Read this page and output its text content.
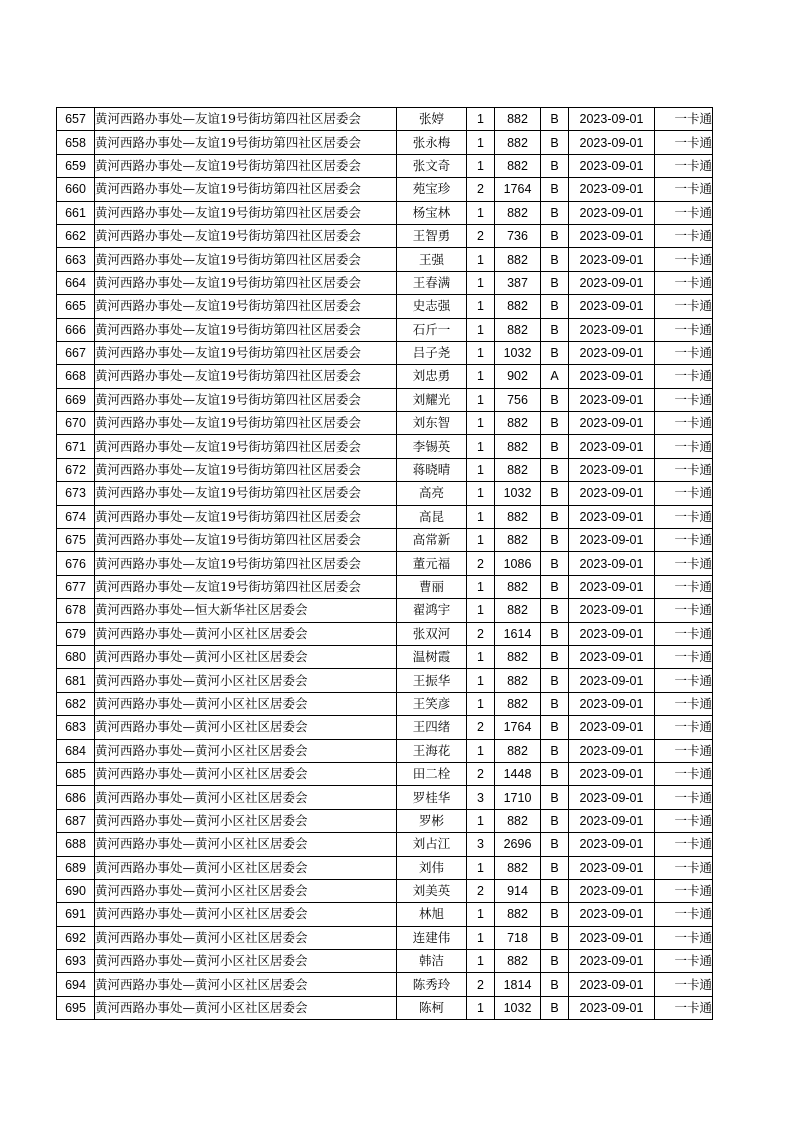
657	黄河西路办事处—友谊19号街坊第四社区居委会	张婷	1	882	B	2023-09-01	一卡通
658	黄河西路办事处—友谊19号街坊第四社区居委会	张永梅	1	882	B	2023-09-01	一卡通
659	黄河西路办事处—友谊19号街坊第四社区居委会	张文奇	1	882	B	2023-09-01	一卡通
660	黄河西路办事处—友谊19号街坊第四社区居委会	苑宝珍	2	1764	B	2023-09-01	一卡通
661	黄河西路办事处—友谊19号街坊第四社区居委会	杨宝林	1	882	B	2023-09-01	一卡通
662	黄河西路办事处—友谊19号街坊第四社区居委会	王智勇	2	736	B	2023-09-01	一卡通
663	黄河西路办事处—友谊19号街坊第四社区居委会	王强	1	882	B	2023-09-01	一卡通
664	黄河西路办事处—友谊19号街坊第四社区居委会	王春满	1	387	B	2023-09-01	一卡通
665	黄河西路办事处—友谊19号街坊第四社区居委会	史志强	1	882	B	2023-09-01	一卡通
666	黄河西路办事处—友谊19号街坊第四社区居委会	石斤一	1	882	B	2023-09-01	一卡通
667	黄河西路办事处—友谊19号街坊第四社区居委会	吕子尧	1	1032	B	2023-09-01	一卡通
668	黄河西路办事处—友谊19号街坊第四社区居委会	刘忠勇	1	902	A	2023-09-01	一卡通
669	黄河西路办事处—友谊19号街坊第四社区居委会	刘耀光	1	756	B	2023-09-01	一卡通
670	黄河西路办事处—友谊19号街坊第四社区居委会	刘东智	1	882	B	2023-09-01	一卡通
671	黄河西路办事处—友谊19号街坊第四社区居委会	李锡英	1	882	B	2023-09-01	一卡通
672	黄河西路办事处—友谊19号街坊第四社区居委会	蒋晓晴	1	882	B	2023-09-01	一卡通
673	黄河西路办事处—友谊19号街坊第四社区居委会	高亮	1	1032	B	2023-09-01	一卡通
674	黄河西路办事处—友谊19号街坊第四社区居委会	高昆	1	882	B	2023-09-01	一卡通
675	黄河西路办事处—友谊19号街坊第四社区居委会	高常新	1	882	B	2023-09-01	一卡通
676	黄河西路办事处—友谊19号街坊第四社区居委会	董元福	2	1086	B	2023-09-01	一卡通
677	黄河西路办事处—友谊19号街坊第四社区居委会	曹丽	1	882	B	2023-09-01	一卡通
678	黄河西路办事处—恒大新华社区居委会	翟鸿宇	1	882	B	2023-09-01	一卡通
679	黄河西路办事处—黄河小区社区居委会	张双河	2	1614	B	2023-09-01	一卡通
680	黄河西路办事处—黄河小区社区居委会	温树霞	1	882	B	2023-09-01	一卡通
681	黄河西路办事处—黄河小区社区居委会	王振华	1	882	B	2023-09-01	一卡通
682	黄河西路办事处—黄河小区社区居委会	王笑彦	1	882	B	2023-09-01	一卡通
683	黄河西路办事处—黄河小区社区居委会	王四绪	2	1764	B	2023-09-01	一卡通
684	黄河西路办事处—黄河小区社区居委会	王海花	1	882	B	2023-09-01	一卡通
685	黄河西路办事处—黄河小区社区居委会	田二栓	2	1448	B	2023-09-01	一卡通
686	黄河西路办事处—黄河小区社区居委会	罗桂华	3	1710	B	2023-09-01	一卡通
687	黄河西路办事处—黄河小区社区居委会	罗彬	1	882	B	2023-09-01	一卡通
688	黄河西路办事处—黄河小区社区居委会	刘占江	3	2696	B	2023-09-01	一卡通
689	黄河西路办事处—黄河小区社区居委会	刘伟	1	882	B	2023-09-01	一卡通
690	黄河西路办事处—黄河小区社区居委会	刘美英	2	914	B	2023-09-01	一卡通
691	黄河西路办事处—黄河小区社区居委会	林旭	1	882	B	2023-09-01	一卡通
692	黄河西路办事处—黄河小区社区居委会	连建伟	1	718	B	2023-09-01	一卡通
693	黄河西路办事处—黄河小区社区居委会	韩洁	1	882	B	2023-09-01	一卡通
694	黄河西路办事处—黄河小区社区居委会	陈秀玲	2	1814	B	2023-09-01	一卡通
695	黄河西路办事处—黄河小区社区居委会	陈柯	1	1032	B	2023-09-01	一卡通
